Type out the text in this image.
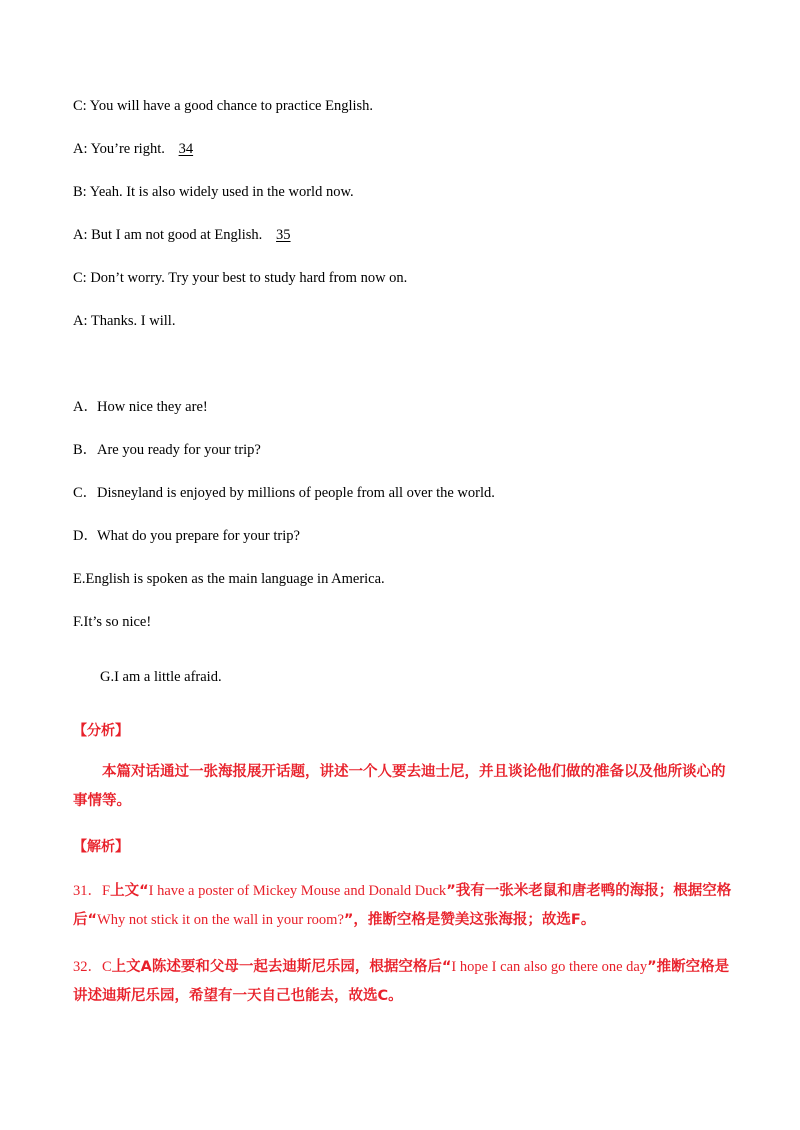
C: You will have a good chance to practice English.
A: You’re right. 34
B: Yeah. It is also widely used in the world now.
A: But I am not good at English. 35
C: Don’t worry. Try your best to study hard from now on.
A: Thanks. I will.
A．How nice they are!
B．Are you ready for your trip?
C．Disneyland is enjoyed by millions of people from all over the world.
D．What do you prepare for your trip?
E.English is spoken as the main language in America.
F.It’s so nice!
G.I am a little afraid.
【分析】
本篇对话通过一张海报展开话题，讲述一个人要去迪士尼，并且谈论他们做的准备以及他所谈心的事情等。
【解析】
31．F上文“I have a poster of Mickey Mouse and Donald Duck”我有一张米老鼠和唐老鸭的海报；根据空格后“Why not stick it on the wall in your room?”，推断空格是赞美这张海报；故选F。
32．C上文A陈述要和父母一起去迪斯尼乐园，根据空格后“I hope I can also go there one day”推断空格是讲述迪斯尼乐园，希望有一天自己也能去，故选C。
